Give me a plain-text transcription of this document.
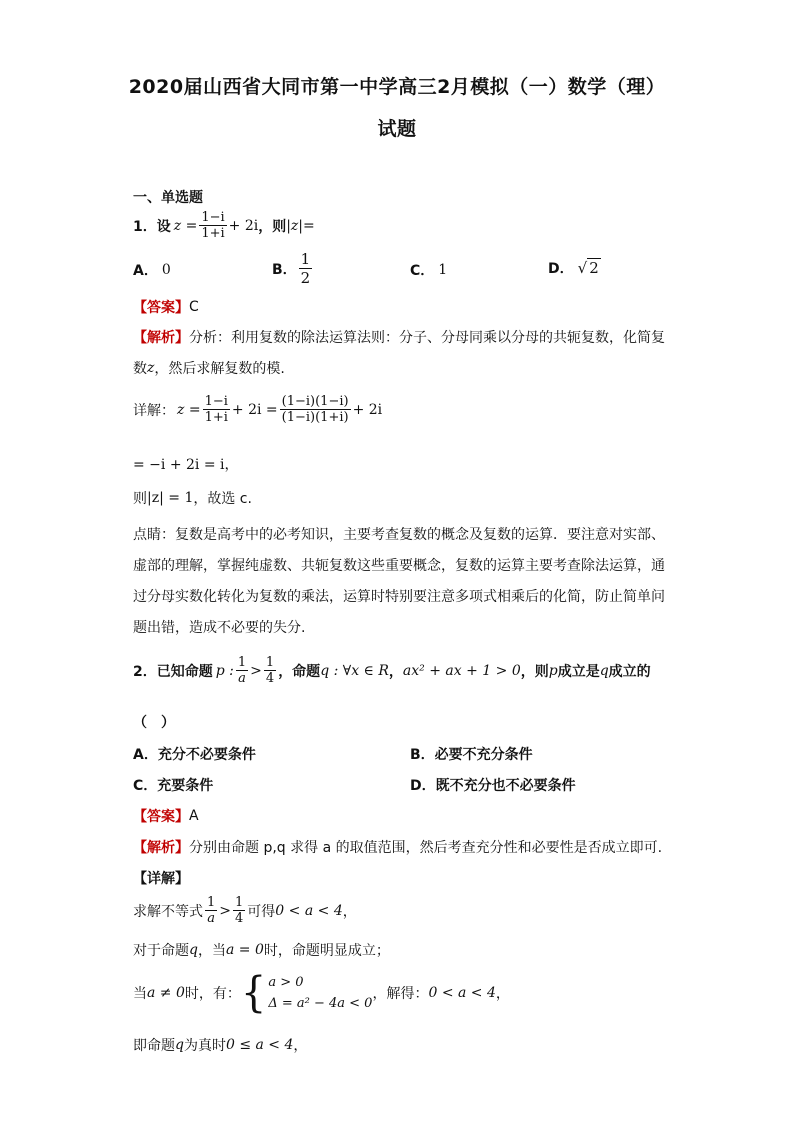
2020届山西省大同市第一中学高三2月模拟（一）数学（理）
试题
一、单选题
1．设 $z = \frac{1-i}{1+i} + 2i$ ，则 |z|=
A． 0	B． $\frac{1}{2}$	C． 1	D． √ 2
【答案】 C
【解析】 分析：利用复数的除法运算法则：分子、分母同乘以分母的共轭复数，化简复
数 z ，然后求解复数的模.
详解： $z = \frac{1-i}{1+i} + 2i = \frac{(1-i)(1-i)}{(1-i)(1+i)} + 2i$
= −i + 2i = i，
则 |z| = 1 ，故选 c.
点睛：复数是高考中的必考知识，主要考查复数的概念及复数的运算．要注意对实部、
虚部的理解，掌握纯虚数、共轭复数这些重要概念，复数的运算主要考查除法运算，通
过分母实数化转化为复数的乘法，运算时特别要注意多项式相乘后的化简，防止简单问
题出错，造成不必要的失分.
2．已知命题 p : $\frac{1}{a} > \frac{1}{4}$ ，命题 q : ∀x ∈ R ， ax² + ax + 1 > 0 ，则 p 成立是 q 成立的
（　）
A． 充分不必要条件	B． 必要不充分条件
C． 充要条件	D． 既不充分也不必要条件
【答案】 A
【解析】 分别由命题 p,q 求得 a 的取值范围，然后考查充分性和必要性是否成立即可.
【详解】
求解不等式 $\frac{1}{a} > \frac{1}{4}$ 可得 0 < a < 4 ，
对于命题 q ，当 a = 0 时，命题明显成立；
当 a ≠ 0 时，有： { a > 0
Δ = a² − 4a < 0
，解得： 0 < a < 4 ，
即命题 q 为真时 0 ≤ a < 4 ，
